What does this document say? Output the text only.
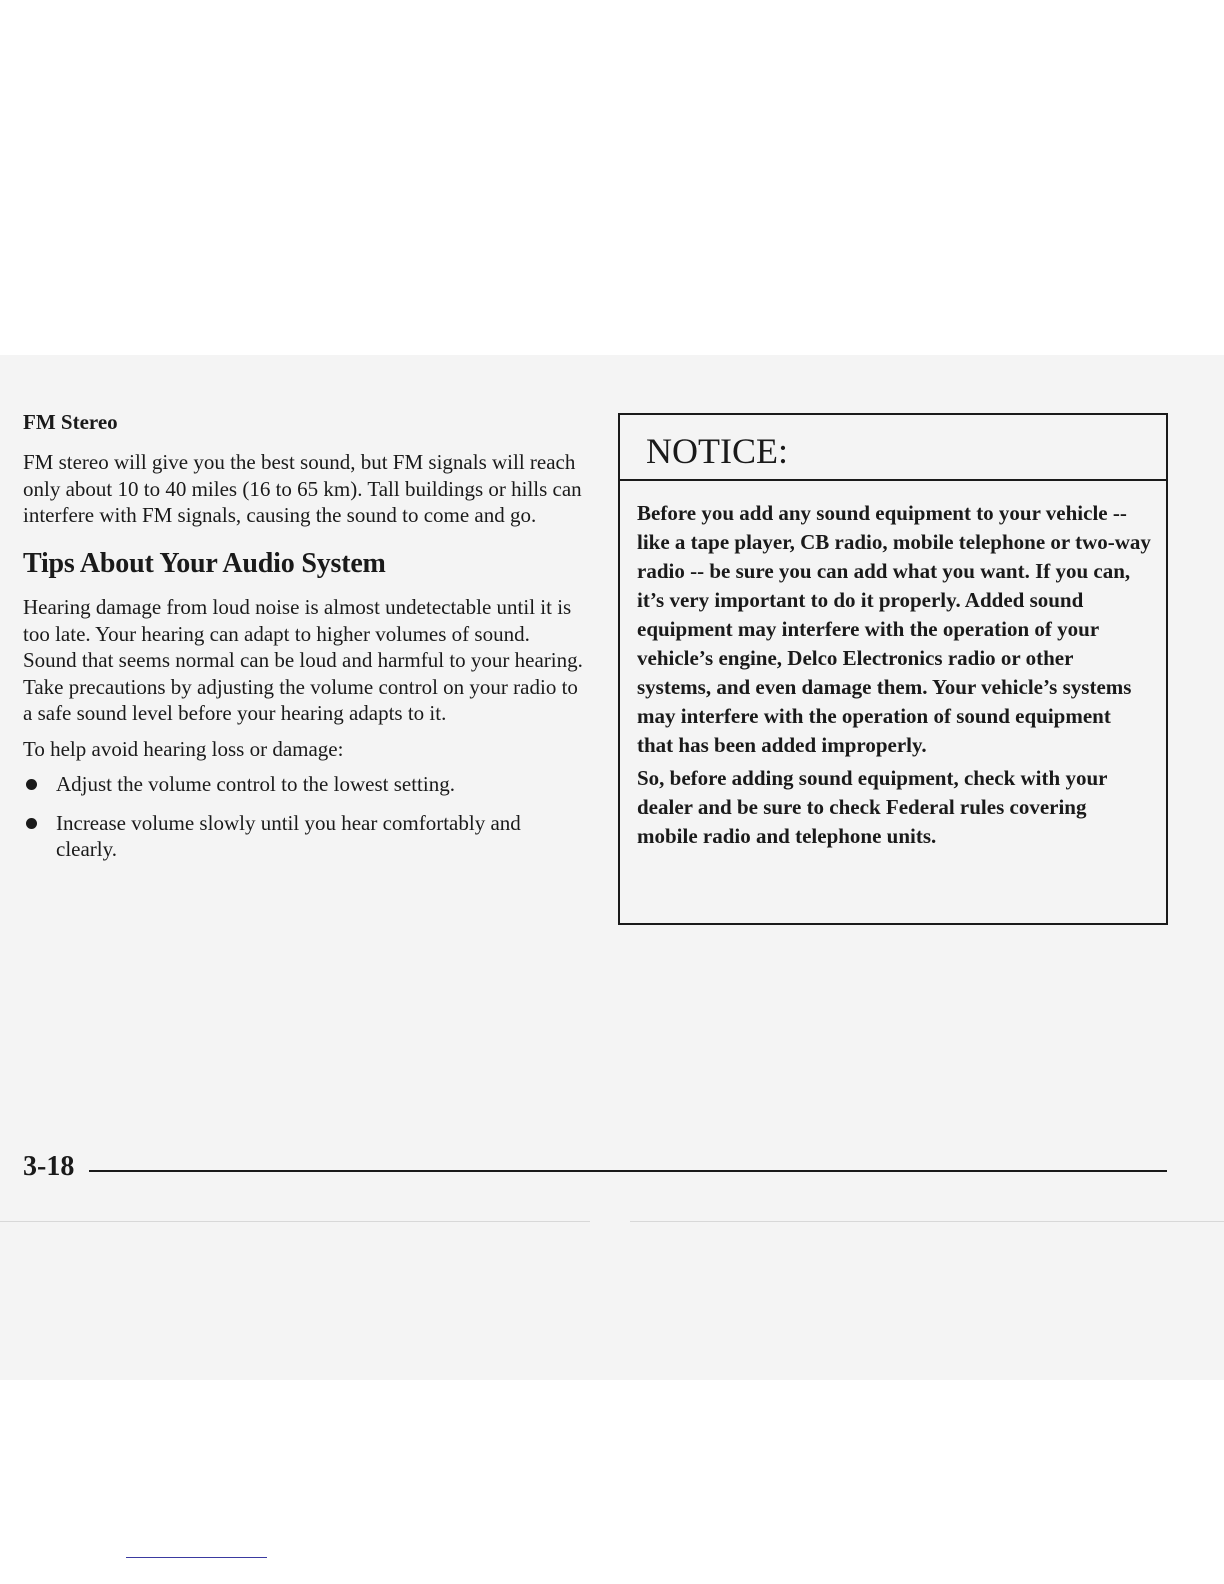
FM Stereo

FM stereo will give you the best sound, but FM signals will reach only about 10 to 40 miles (16 to 65 km). Tall buildings or hills can interfere with FM signals, causing the sound to come and go.

Tips About Your Audio System

Hearing damage from loud noise is almost undetectable until it is too late. Your hearing can adapt to higher volumes of sound. Sound that seems normal can be loud and harmful to your hearing. Take precautions by adjusting the volume control on your radio to a safe sound level before your hearing adapts to it.

To help avoid hearing loss or damage:

Adjust the volume control to the lowest setting.
Increase volume slowly until you hear comfortably and clearly.
NOTICE:

Before you add any sound equipment to your vehicle -- like a tape player, CB radio, mobile telephone or two-way radio -- be sure you can add what you want. If you can, it’s very important to do it properly. Added sound equipment may interfere with the operation of your vehicle’s engine, Delco Electronics radio or other systems, and even damage them. Your vehicle’s systems may interfere with the operation of sound equipment that has been added improperly.

So, before adding sound equipment, check with your dealer and be sure to check Federal rules covering mobile radio and telephone units.

3-18
